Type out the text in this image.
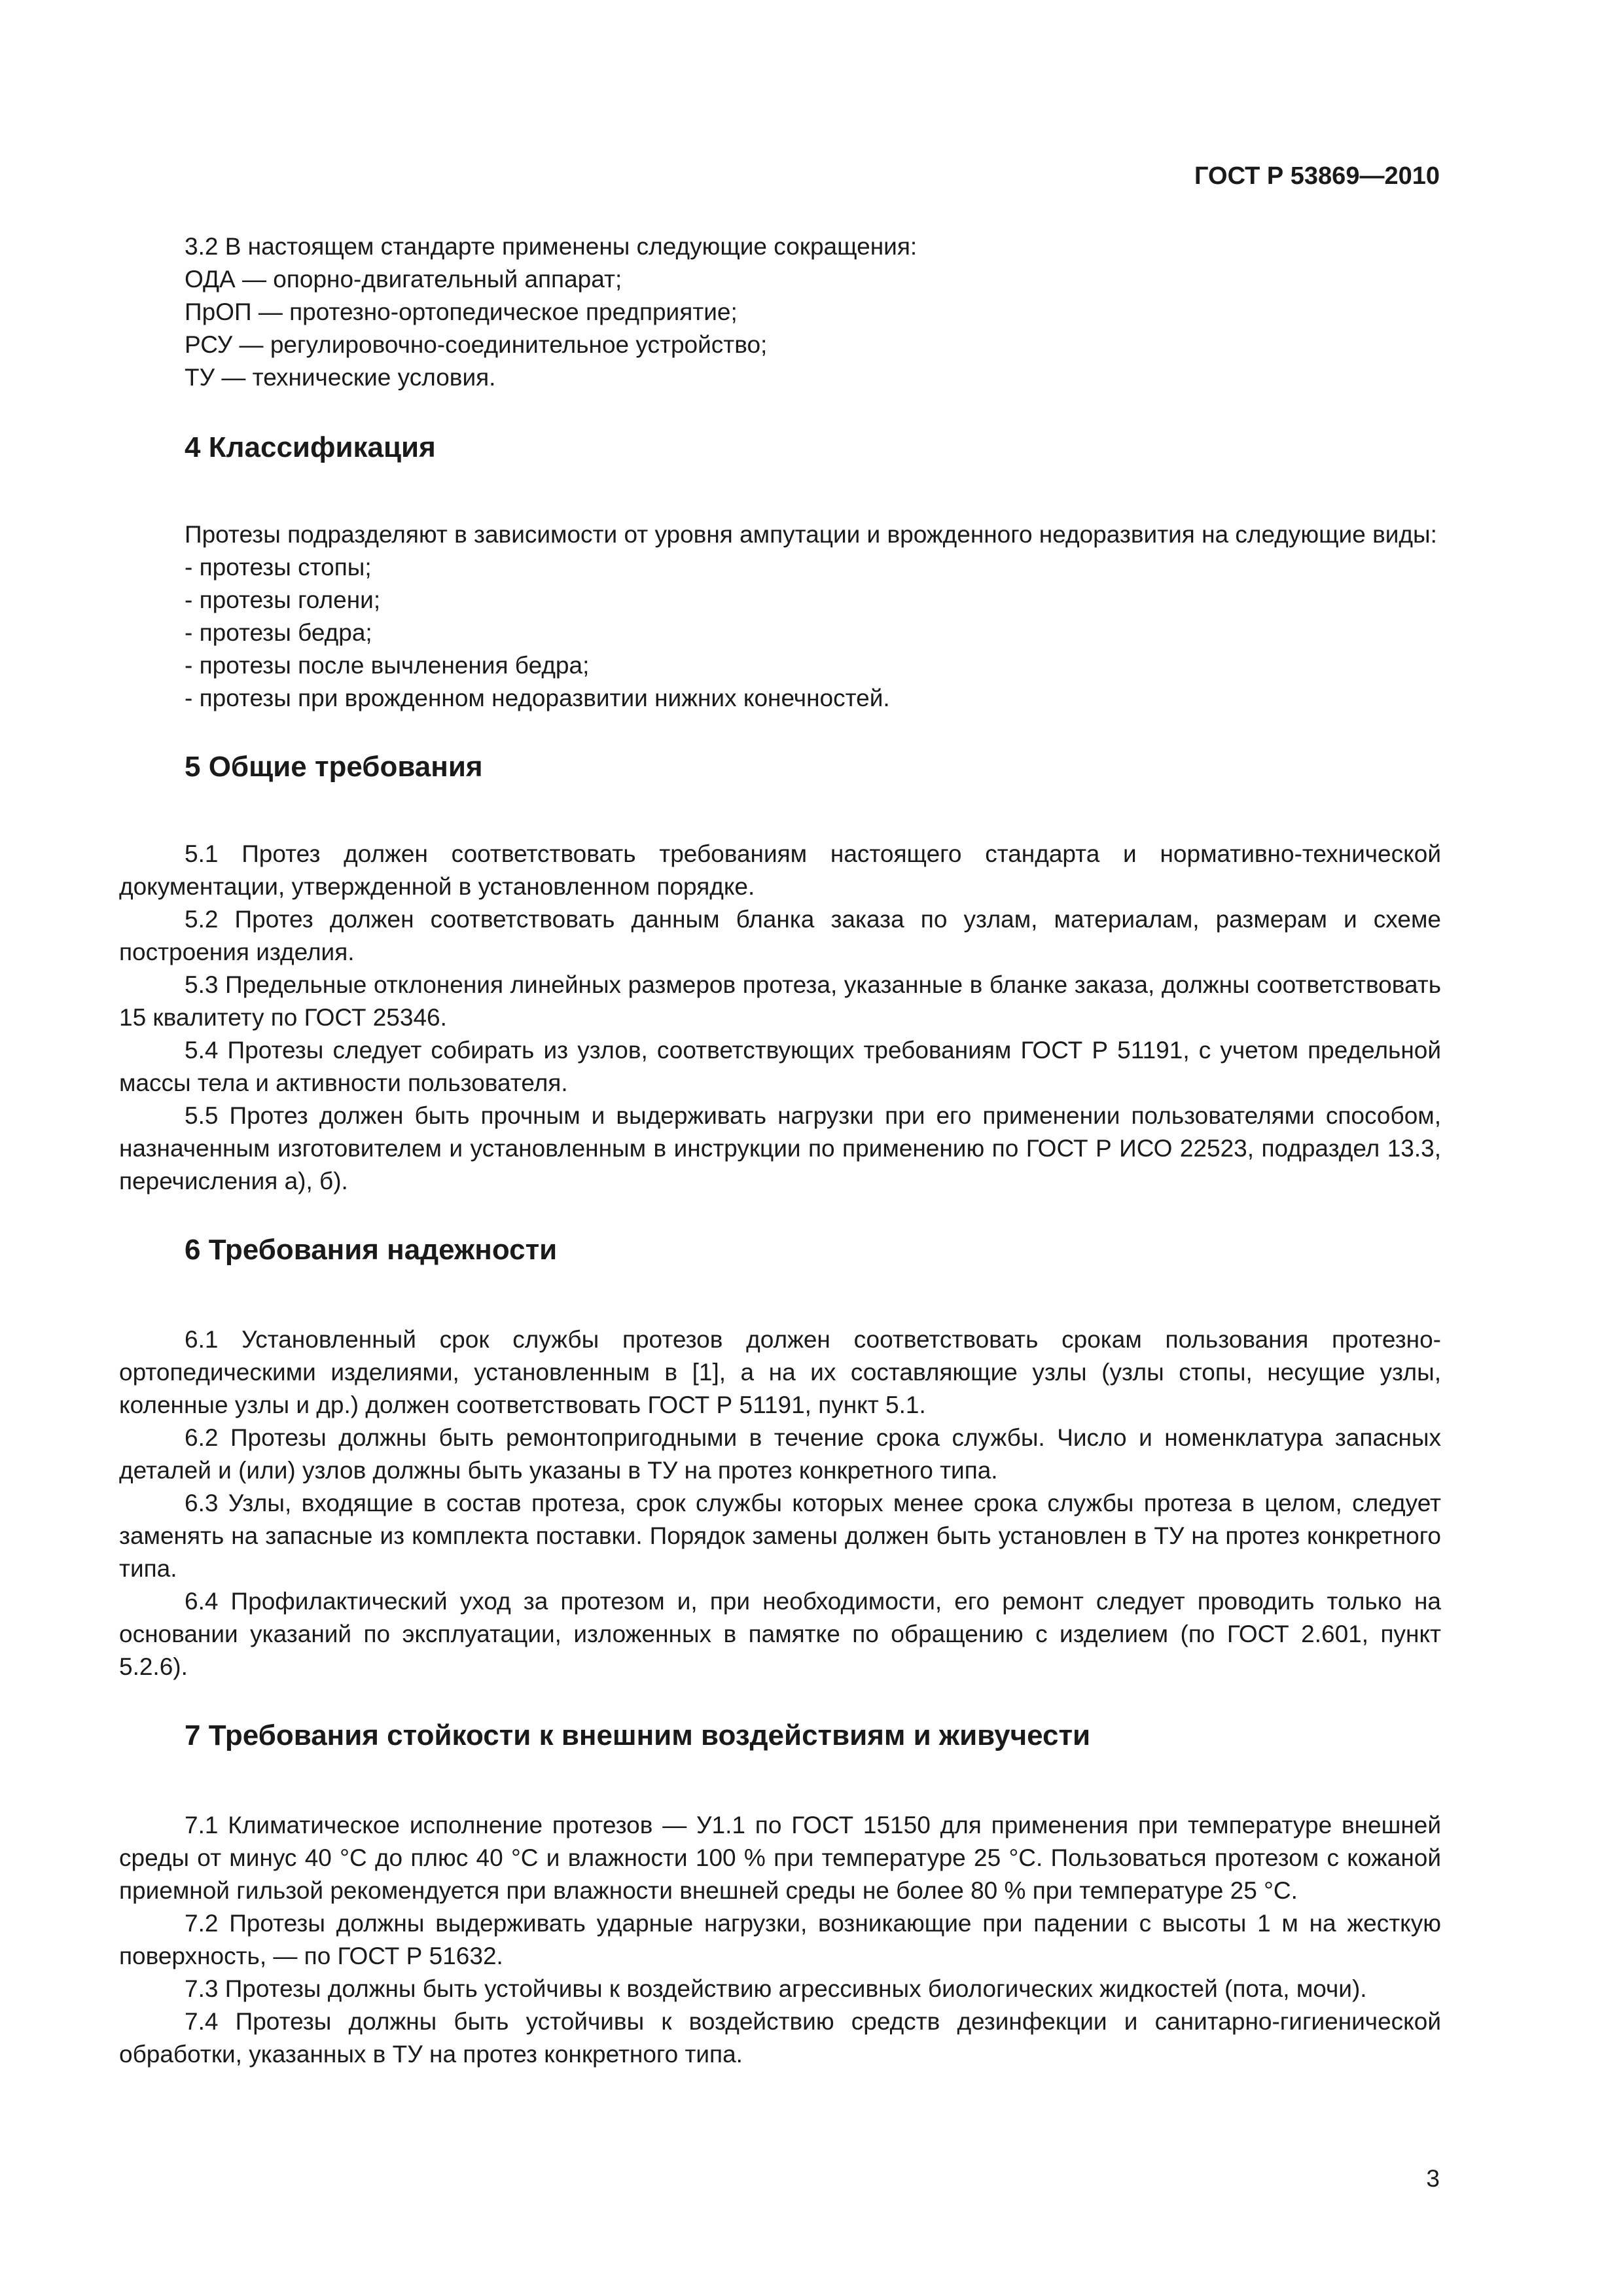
ГОСТ Р 53869—2010

3.2 В настоящем стандарте применены следующие сокращения:

ОДА — опорно-двигательный аппарат;

ПрОП — протезно-ортопедическое предприятие;

РСУ — регулировочно-соединительное устройство;

ТУ — технические условия.

4 Классификация

Протезы подразделяют в зависимости от уровня ампутации и врожденного недоразвития на следующие виды:

- протезы стопы;

- протезы голени;

- протезы бедра;

- протезы после вычленения бедра;

- протезы при врожденном недоразвитии нижних конечностей.

5 Общие требования

5.1 Протез должен соответствовать требованиям настоящего стандарта и нормативно-технической документации, утвержденной в установленном порядке.

5.2 Протез должен соответствовать данным бланка заказа по узлам, материалам, размерам и схеме построения изделия.

5.3 Предельные отклонения линейных размеров протеза, указанные в бланке заказа, должны соответствовать 15 квалитету по ГОСТ 25346.

5.4 Протезы следует собирать из узлов, соответствующих требованиям ГОСТ Р 51191, с учетом предельной массы тела и активности пользователя.

5.5 Протез должен быть прочным и выдерживать нагрузки при его применении пользователями способом, назначенным изготовителем и установленным в инструкции по применению по ГОСТ Р ИСО 22523, подраздел 13.3, перечисления а), б).

6 Требования надежности

6.1 Установленный срок службы протезов должен соответствовать срокам пользования протезно-ортопедическими изделиями, установленным в [1], а на их составляющие узлы (узлы стопы, несущие узлы, коленные узлы и др.) должен соответствовать ГОСТ Р 51191, пункт 5.1.

6.2 Протезы должны быть ремонтопригодными в течение срока службы. Число и номенклатура запасных деталей и (или) узлов должны быть указаны в ТУ на протез конкретного типа.

6.3 Узлы, входящие в состав протеза, срок службы которых менее срока службы протеза в целом, следует заменять на запасные из комплекта поставки. Порядок замены должен быть установлен в ТУ на протез конкретного типа.

6.4 Профилактический уход за протезом и, при необходимости, его ремонт следует проводить только на основании указаний по эксплуатации, изложенных в памятке по обращению с изделием (по ГОСТ 2.601, пункт 5.2.6).

7 Требования стойкости к внешним воздействиям и живучести

7.1 Климатическое исполнение протезов — У1.1 по ГОСТ 15150 для применения при температуре внешней среды от минус 40 °С до плюс 40 °С и влажности 100 % при температуре 25 °С. Пользоваться протезом с кожаной приемной гильзой рекомендуется при влажности внешней среды не более 80 % при температуре 25 °С.

7.2 Протезы должны выдерживать ударные нагрузки, возникающие при падении с высоты 1 м на жесткую поверхность, — по ГОСТ Р 51632.

7.3 Протезы должны быть устойчивы к воздействию агрессивных биологических жидкостей (пота, мочи).

7.4 Протезы должны быть устойчивы к воздействию средств дезинфекции и санитарно-гигиенической обработки, указанных в ТУ на протез конкретного типа.

3
